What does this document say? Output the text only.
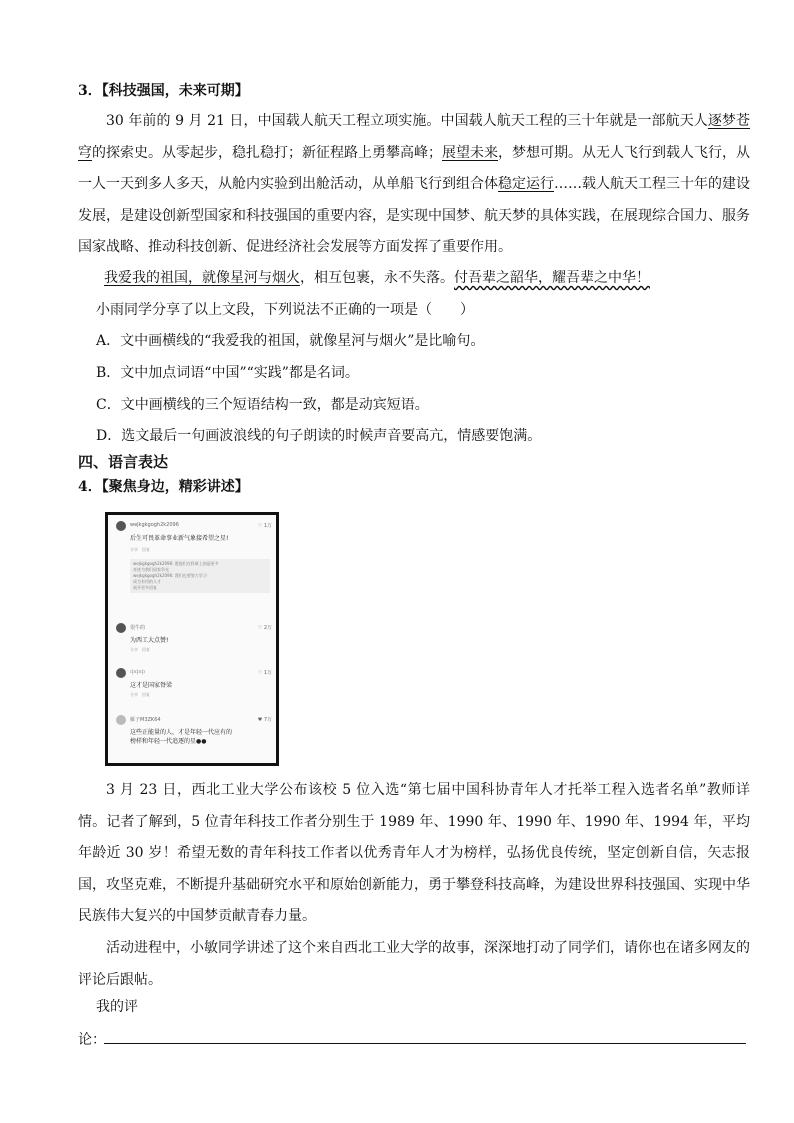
3．【科技强国，未来可期】
30 年前的 9 月 21 日，中国载人航天工程立项实施。中国载人航天工程的三十年就是一部航天人逐梦苍穹的探索史。从零起步，稳扎稳打；新征程路上勇攀高峰；展望未来，梦想可期。从无人飞行到载人飞行，从一人一天到多人多天，从舱内实验到出舱活动，从单船飞行到组合体稳定运行……载人航天工程三十年的建设发展，是建设创新型国家和科技强国的重要内容，是实现中国梦、航天梦的具体实践，在展现综合国力、服务国家战略、推动科技创新、促进经济社会发展等方面发挥了重要作用。
我爱我的祖国，就像星河与烟火，相互包裹，永不失落。付吾辈之韶华，耀吾辈之中华！
小雨同学分享了以上文段，下列说法不正确的一项是（　　）
A．文中画横线的“我爱我的祖国，就像星河与烟火”是比喻句。
B．文中加点词语“中国”“实践”都是名词。
C．文中画横线的三个短语结构一致，都是动宾短语。
D．选文最后一句画波浪线的句子朗读的时候声音要高亢，情感要饱满。
四、语言表达
4．【聚焦身边，精彩讲述】
wejkgkgogh2k2096	♡ 1万
后生可畏革命事业新气象接希望之星!
分享　回复
wejkgkgogh2k2096: 愿他们在科研上创造更多
奇迹为我们国家争光
wejkgkgogh2k2096: 我们也要努力学习
成为有用的人才
展开更多回复
很牛的	♡ 2万
为西工大点赞!
分享　回复
中中中	♡ 1万
这才是国家脊梁
分享　回复
雁子M3ZK64	♥ 7万
这些正能量的人，才是年轻一代应有的
榜样和年轻一代追逐的星●●
3 月 23 日，西北工业大学公布该校 5 位入选“第七届中国科协青年人才托举工程入选者名单”教师详情。记者了解到，5 位青年科技工作者分别生于 1989 年、1990 年、1990 年、1990 年、1994 年，平均年龄近 30 岁！希望无数的青年科技工作者以优秀青年人才为榜样，弘扬优良传统，坚定创新自信，矢志报国，攻坚克难，不断提升基础研究水平和原始创新能力，勇于攀登科技高峰，为建设世界科技强国、实现中华民族伟大复兴的中国梦贡献青春力量。
活动进程中，小敏同学讲述了这个来自西北工业大学的故事，深深地打动了同学们，请你也在诸多网友的评论后跟帖。
我的评
论：
